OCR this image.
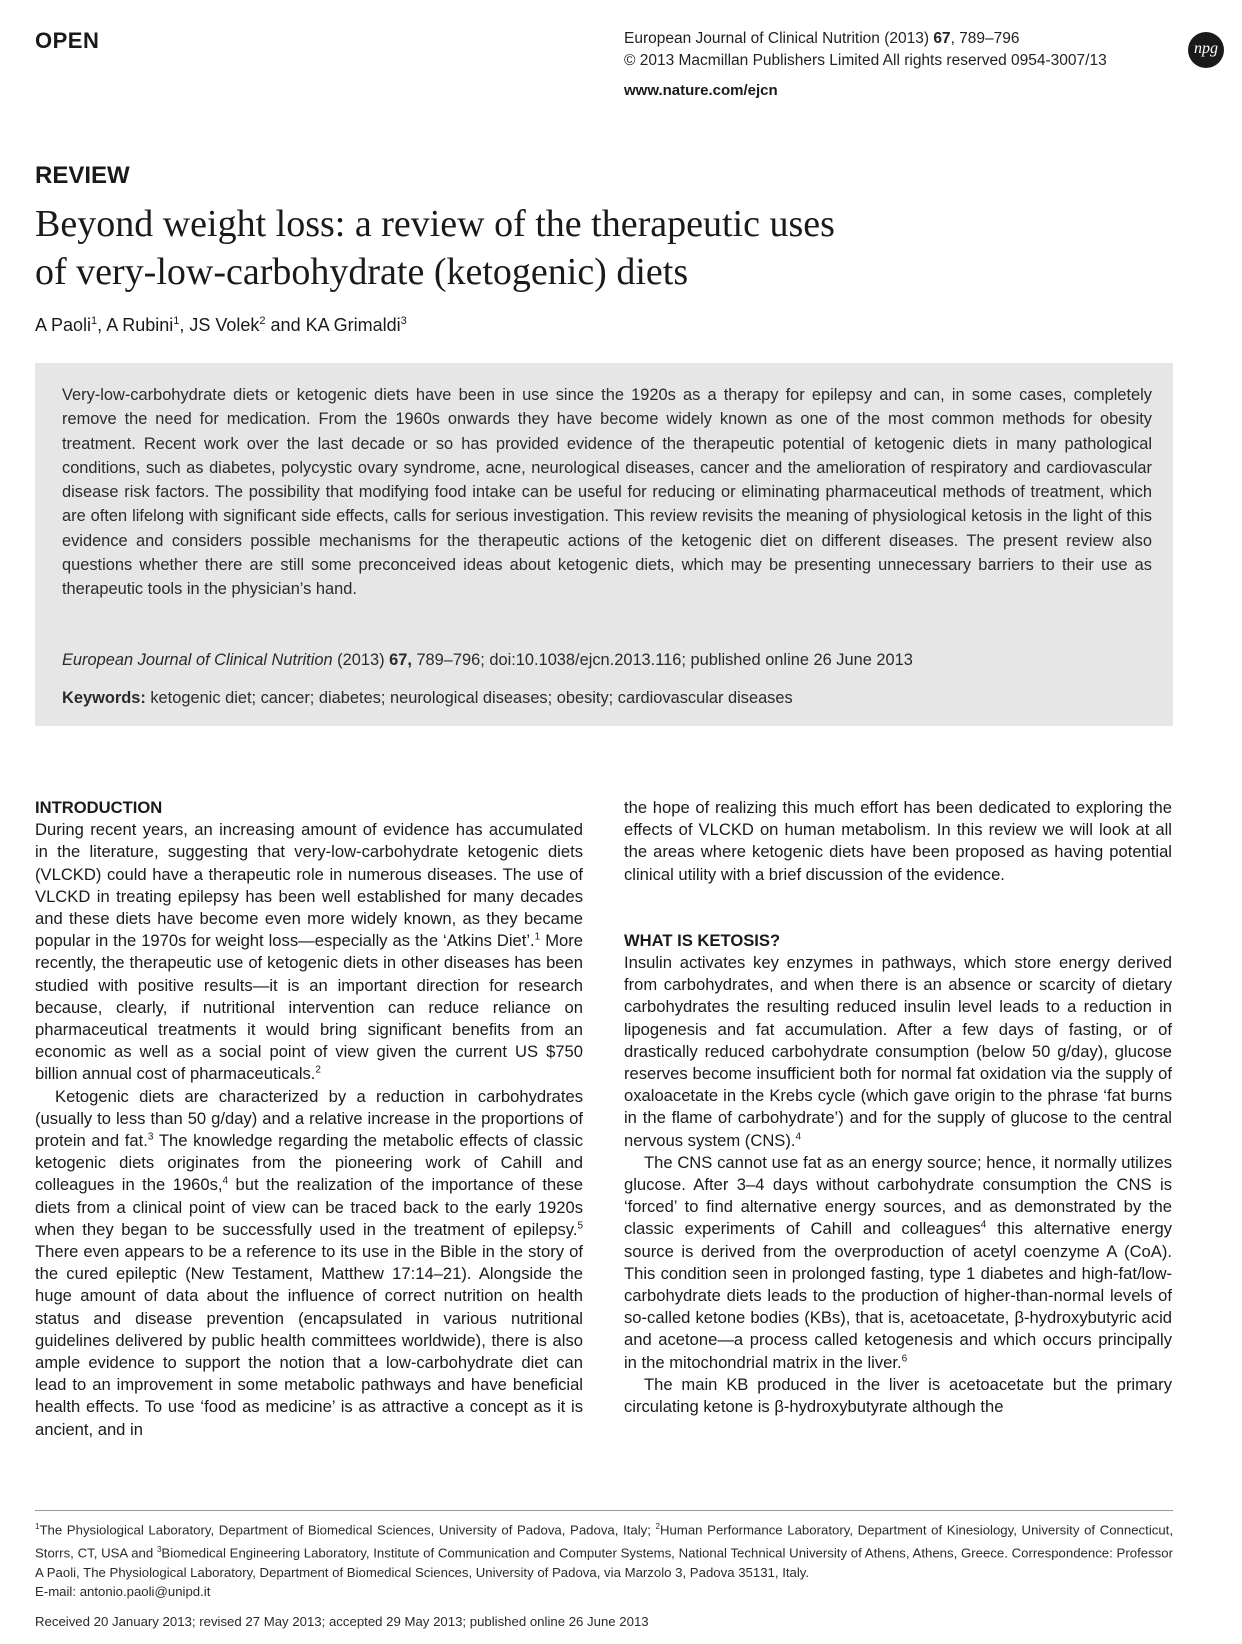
OPEN	European Journal of Clinical Nutrition (2013) 67, 789–796
© 2013 Macmillan Publishers Limited All rights reserved 0954-3007/13
www.nature.com/ejcn
npg
REVIEW
Beyond weight loss: a review of the therapeutic uses
of very-low-carbohydrate (ketogenic) diets
A Paoli$^1$, A Rubini$^1$, JS Volek$^2$ and KA Grimaldi$^3$
Very-low-carbohydrate diets or ketogenic diets have been in use since the 1920s as a therapy for epilepsy and can, in some cases, completely remove the need for medication. From the 1960s onwards they have become widely known as one of the most common methods for obesity treatment. Recent work over the last decade or so has provided evidence of the therapeutic potential of ketogenic diets in many pathological conditions, such as diabetes, polycystic ovary syndrome, acne, neurological diseases, cancer and the amelioration of respiratory and cardiovascular disease risk factors. The possibility that modifying food intake can be useful for reducing or eliminating pharmaceutical methods of treatment, which are often lifelong with significant side effects, calls for serious investigation. This review revisits the meaning of physiological ketosis in the light of this evidence and considers possible mechanisms for the therapeutic actions of the ketogenic diet on different diseases. The present review also questions whether there are still some preconceived ideas about ketogenic diets, which may be presenting unnecessary barriers to their use as therapeutic tools in the physician’s hand.
European Journal of Clinical Nutrition (2013) 67, 789–796; doi:10.1038/ejcn.2013.116; published online 26 June 2013
Keywords: ketogenic diet; cancer; diabetes; neurological diseases; obesity; cardiovascular diseases
INTRODUCTION

During recent years, an increasing amount of evidence has accumulated in the literature, suggesting that very-low-carbohydrate ketogenic diets (VLCKD) could have a therapeutic role in numerous diseases. The use of VLCKD in treating epilepsy has been well established for many decades and these diets have become even more widely known, as they became popular in the 1970s for weight loss—especially as the ‘Atkins Diet’.$^1$ More recently, the therapeutic use of ketogenic diets in other diseases has been studied with positive results—it is an important direction for research because, clearly, if nutritional intervention can reduce reliance on pharmaceutical treatments it would bring significant benefits from an economic as well as a social point of view given the current US $750 billion annual cost of pharmaceuticals.$^2$

Ketogenic diets are characterized by a reduction in carbohydrates (usually to less than 50 g/day) and a relative increase in the proportions of protein and fat.$^3$ The knowledge regarding the metabolic effects of classic ketogenic diets originates from the pioneering work of Cahill and colleagues in the 1960s,$^4$ but the realization of the importance of these diets from a clinical point of view can be traced back to the early 1920s when they began to be successfully used in the treatment of epilepsy.$^5$ There even appears to be a reference to its use in the Bible in the story of the cured epileptic (New Testament, Matthew 17:14–21). Alongside the huge amount of data about the influence of correct nutrition on health status and disease prevention (encapsulated in various nutritional guidelines delivered by public health committees worldwide), there is also ample evidence to support the notion that a low-carbohydrate diet can lead to an improvement in some metabolic pathways and have beneficial health effects. To use ‘food as medicine’ is as attractive a concept as it is ancient, and in

the hope of realizing this much effort has been dedicated to exploring the effects of VLCKD on human metabolism. In this review we will look at all the areas where ketogenic diets have been proposed as having potential clinical utility with a brief discussion of the evidence.

WHAT IS KETOSIS?

Insulin activates key enzymes in pathways, which store energy derived from carbohydrates, and when there is an absence or scarcity of dietary carbohydrates the resulting reduced insulin level leads to a reduction in lipogenesis and fat accumulation. After a few days of fasting, or of drastically reduced carbohydrate consumption (below 50 g/day), glucose reserves become insufficient both for normal fat oxidation via the supply of oxaloacetate in the Krebs cycle (which gave origin to the phrase ‘fat burns in the flame of carbohydrate’) and for the supply of glucose to the central nervous system (CNS).$^4$

The CNS cannot use fat as an energy source; hence, it normally utilizes glucose. After 3–4 days without carbohydrate consumption the CNS is ‘forced’ to find alternative energy sources, and as demonstrated by the classic experiments of Cahill and colleagues$^4$ this alternative energy source is derived from the overproduction of acetyl coenzyme A (CoA). This condition seen in prolonged fasting, type 1 diabetes and high-fat/low-carbohydrate diets leads to the production of higher-than-normal levels of so-called ketone bodies (KBs), that is, acetoacetate, β-hydroxybutyric acid and acetone—a process called ketogenesis and which occurs principally in the mitochondrial matrix in the liver.$^6$

The main KB produced in the liver is acetoacetate but the primary circulating ketone is β-hydroxybutyrate although the

$^1$The Physiological Laboratory, Department of Biomedical Sciences, University of Padova, Padova, Italy; $^2$Human Performance Laboratory, Department of Kinesiology, University of Connecticut, Storrs, CT, USA and $^3$Biomedical Engineering Laboratory, Institute of Communication and Computer Systems, National Technical University of Athens, Athens, Greece. Correspondence: Professor A Paoli, The Physiological Laboratory, Department of Biomedical Sciences, University of Padova, via Marzolo 3, Padova 35131, Italy.
E-mail: antonio.paoli@unipd.it
Received 20 January 2013; revised 27 May 2013; accepted 29 May 2013; published online 26 June 2013
